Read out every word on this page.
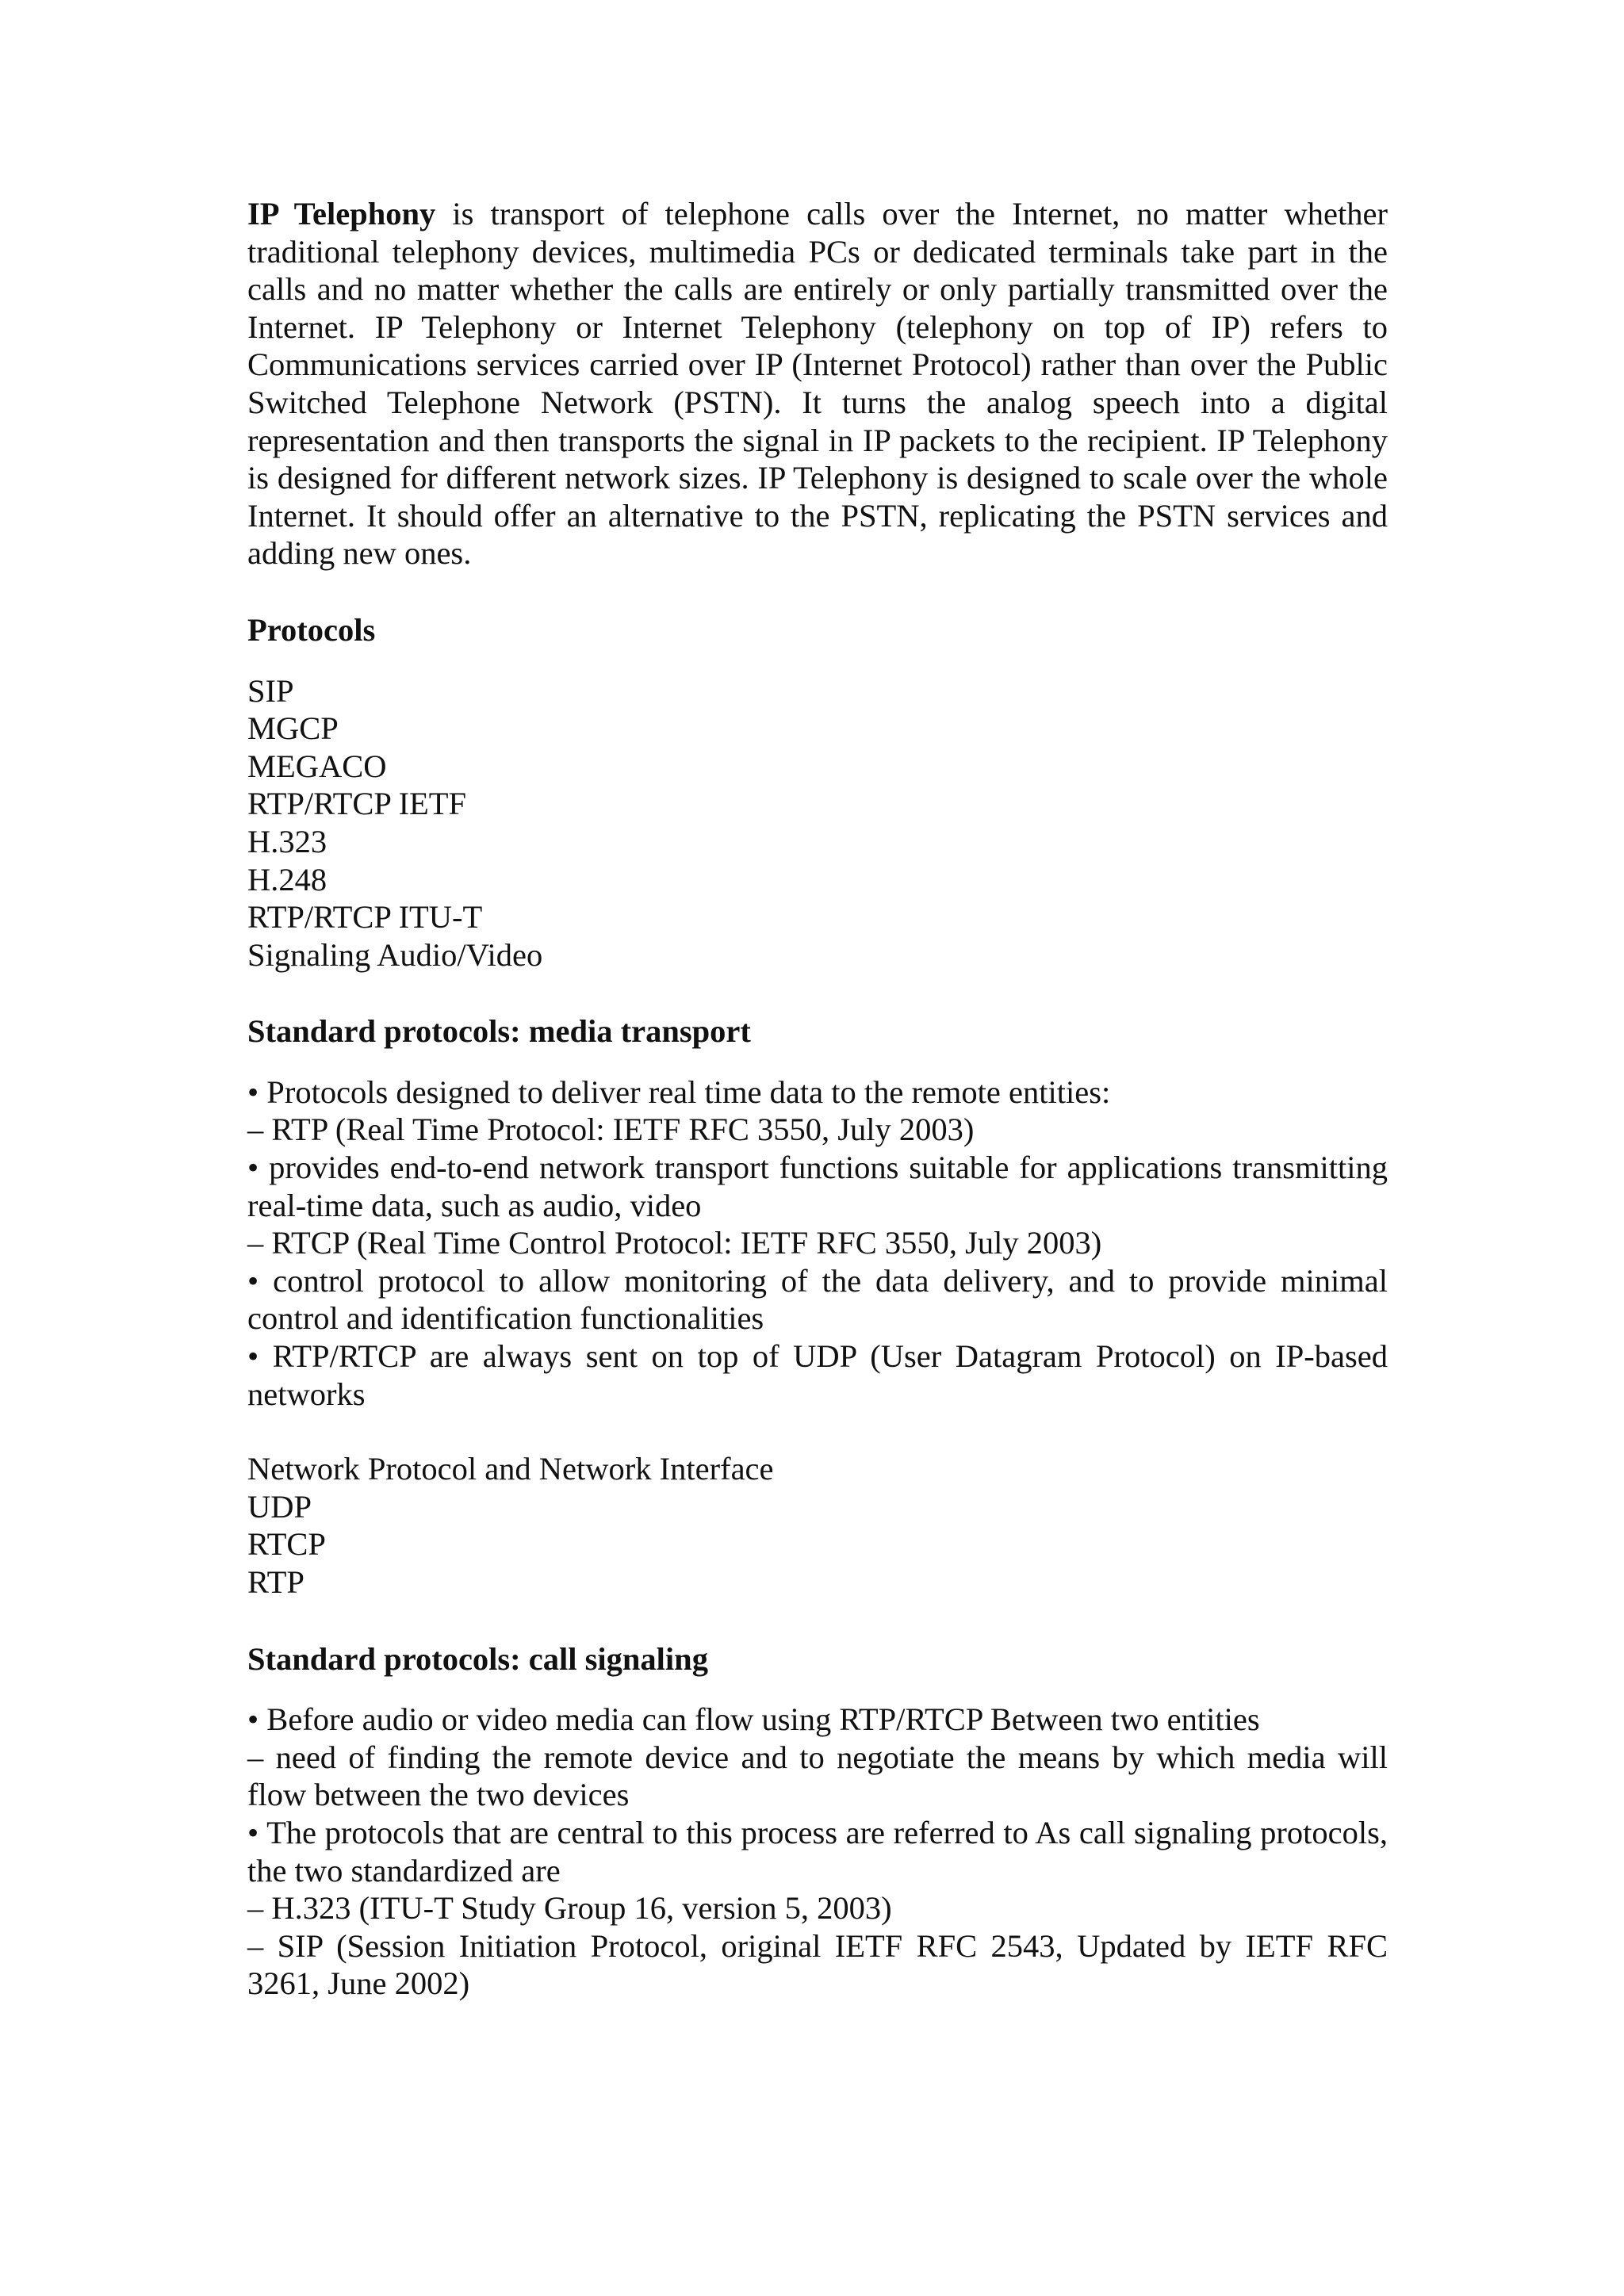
IP Telephony is transport of telephone calls over the Internet, no matter whether traditional telephony devices, multimedia PCs or dedicated terminals take part in the calls and no matter whether the calls are entirely or only partially transmitted over the Internet. IP Telephony or Internet Telephony (telephony on top of IP) refers to Communications services carried over IP (Internet Protocol) rather than over the Public Switched Telephone Network (PSTN). It turns the analog speech into a digital representation and then transports the signal in IP packets to the recipient. IP Telephony is designed for different network sizes. IP Telephony is designed to scale over the whole Internet. It should offer an alternative to the PSTN, replicating the PSTN services and adding new ones.

Protocols

SIP
MGCP
MEGACO
RTP/RTCP IETF
H.323
H.248
RTP/RTCP ITU-T
Signaling Audio/Video

Standard protocols: media transport

• Protocols designed to deliver real time data to the remote entities:

– RTP (Real Time Protocol: IETF RFC 3550, July 2003)

• provides end-to-end network transport functions suitable for applications transmitting real-time data, such as audio, video

– RTCP (Real Time Control Protocol: IETF RFC 3550, July 2003)

• control protocol to allow monitoring of the data delivery, and to provide minimal control and identification functionalities

• RTP/RTCP are always sent on top of UDP (User Datagram Protocol) on IP-based networks

Network Protocol and Network Interface
UDP
RTCP
RTP

Standard protocols: call signaling

• Before audio or video media can flow using RTP/RTCP Between two entities

– need of finding the remote device and to negotiate the means by which media will flow between the two devices

• The protocols that are central to this process are referred to As call signaling protocols, the two standardized are

– H.323 (ITU-T Study Group 16, version 5, 2003)

– SIP (Session Initiation Protocol, original IETF RFC 2543, Updated by IETF RFC 3261, June 2002)
